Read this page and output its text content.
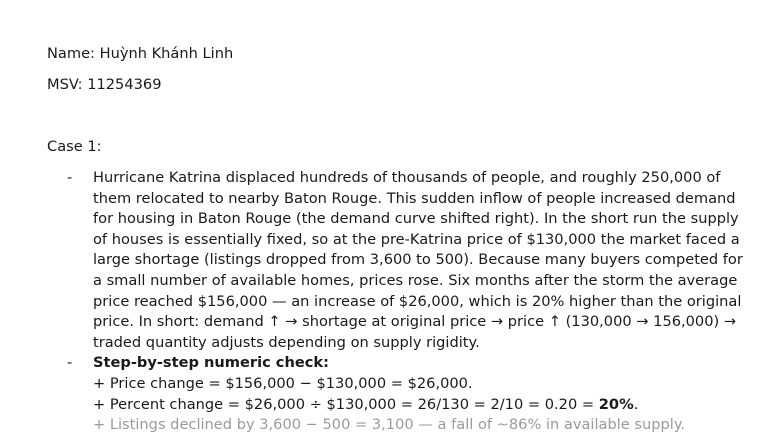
Name: Huỳnh Khánh Linh
MSV: 11254369
Case 1:
- Hurricane Katrina displaced hundreds of thousands of people, and roughly 250,000 of them relocated to nearby Baton Rouge. This sudden inflow of people increased demand for housing in Baton Rouge (the demand curve shifted right). In the short run the supply of houses is essentially fixed, so at the pre-Katrina price of $130,000 the market faced a large shortage (listings dropped from 3,600 to 500). Because many buyers competed for a small number of available homes, prices rose. Six months after the storm the average price reached $156,000 — an increase of $26,000, which is 20% higher than the original price. In short: demand ↑ → shortage at original price → price ↑ (130,000 → 156,000) → traded quantity adjusts depending on supply rigidity.

- Step-by-step numeric check:
+ Price change = $156,000 − $130,000 = $26,000.
+ Percent change = $26,000 ÷ $130,000 = 26/130 = 2/10 = 0.20 = 20%.
+ Listings declined by 3,600 − 500 = 3,100 — a fall of ~86% in available supply.
